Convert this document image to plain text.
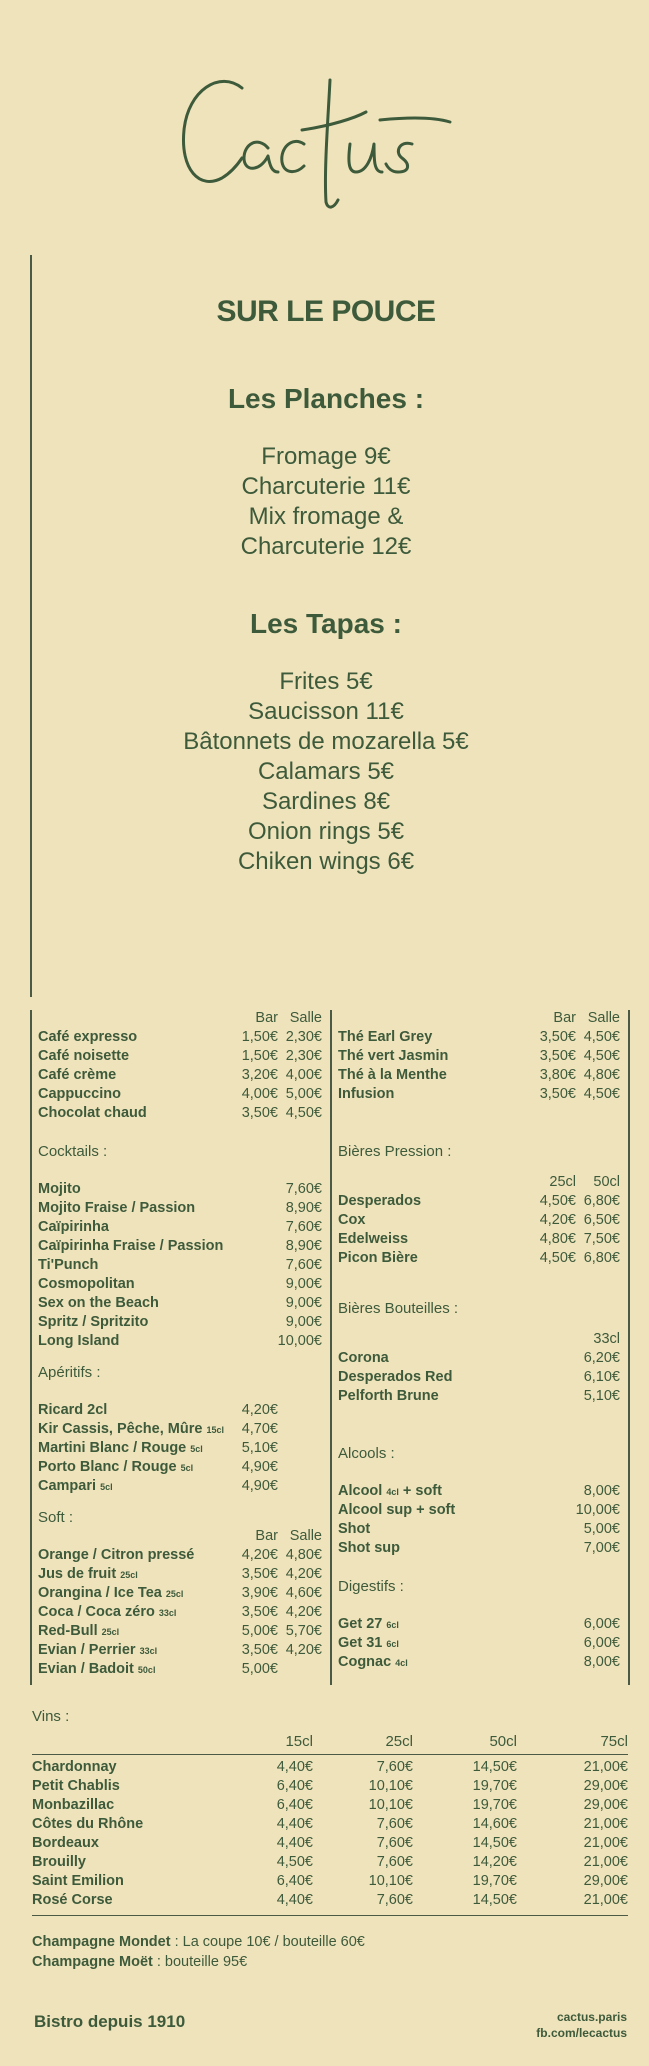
SUR LE POUCE
Les Planches :
Fromage 9€
Charcuterie 11€
Mix fromage &
Charcuterie 12€
Les Tapas :
Frites 5€
Saucisson 11€
Bâtonnets de mozarella 5€
Calamars 5€
Sardines 8€
Onion rings 5€
Chiken wings 6€
Bar Salle
Café expresso	1,50€ 2,30€
Café noisette	1,50€ 2,30€
Café crème	3,20€ 4,00€
Cappuccino	4,00€ 5,00€
Chocolat chaud	3,50€ 4,50€
Cocktails :
Mojito	7,60€
Mojito Fraise / Passion	8,90€
Caïpirinha	7,60€
Caïpirinha Fraise / Passion	8,90€
Ti'Punch	7,60€
Cosmopolitan	9,00€
Sex on the Beach	9,00€
Spritz / Spritzito	9,00€
Long Island	10,00€
Apéritifs :
Ricard 2cl	4,20€
Kir Cassis, Pêche, Mûre 15cl	4,70€
Martini Blanc / Rouge 5cl	5,10€
Porto Blanc / Rouge 5cl	4,90€
Campari 5cl	4,90€
Soft :
Bar Salle
Orange / Citron pressé	4,20€ 4,80€
Jus de fruit 25cl	3,50€ 4,20€
Orangina / Ice Tea 25cl	3,90€ 4,60€
Coca / Coca zéro 33cl	3,50€ 4,20€
Red-Bull 25cl	5,00€ 5,70€
Evian / Perrier 33cl	3,50€ 4,20€
Evian / Badoit 50cl	5,00€
Bar Salle
Thé Earl Grey	3,50€ 4,50€
Thé vert Jasmin	3,50€ 4,50€
Thé à la Menthe	3,80€ 4,80€
Infusion	3,50€ 4,50€
Bières Pression :
25cl	50cl
Desperados	4,50€ 6,80€
Cox	4,20€ 6,50€
Edelweiss	4,80€ 7,50€
Picon Bière	4,50€ 6,80€
Bières Bouteilles :
33cl
Corona	6,20€
Desperados Red	6,10€
Pelforth Brune	5,10€
Alcools :
Alcool 4cl + soft	8,00€
Alcool sup + soft	10,00€
Shot	5,00€
Shot sup	7,00€
Digestifs :
Get 27 6cl	6,00€
Get 31 6cl	6,00€
Cognac 4cl	8,00€
Vins :
15cl	25cl	50cl	75cl
Chardonnay	4,40€	7,60€	14,50€	21,00€
Petit Chablis	6,40€	10,10€	19,70€	29,00€
Monbazillac	6,40€	10,10€	19,70€	29,00€
Côtes du Rhône	4,40€	7,60€	14,60€	21,00€
Bordeaux	4,40€	7,60€	14,50€	21,00€
Brouilly	4,50€	7,60€	14,20€	21,00€
Saint Emilion	6,40€	10,10€	19,70€	29,00€
Rosé Corse	4,40€	7,60€	14,50€	21,00€
Champagne Mondet : La coupe 10€ / bouteille 60€
Champagne Moët : bouteille 95€
Bistro depuis 1910	cactus.paris
fb.com/lecactus
